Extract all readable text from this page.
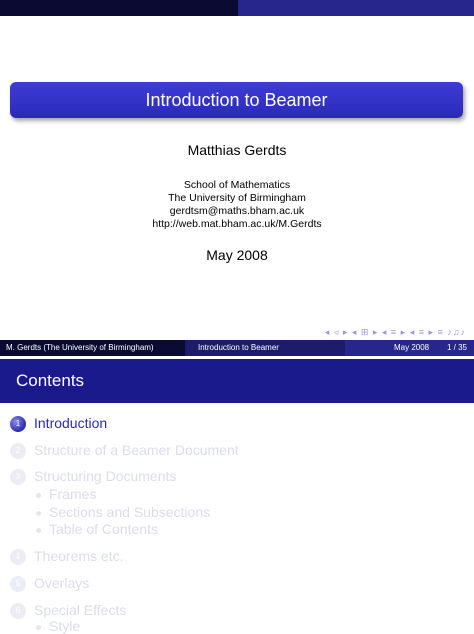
Introduction to Beamer
Matthias Gerdts
School of Mathematics
The University of Birmingham
gerdtsm@maths.bham.ac.uk
http://web.mat.bham.ac.uk/M.Gerdts
May 2008
◂ ◃ ▸ ◂ ⊞ ▸ ◂ ≡ ▸ ◂ ≡ ▸ ≡ ♪♫♪
M. Gerdts (The University of Birmingham)	Introduction to Beamer	May 2008 1 / 35
Contents
1 Introduction
2 Structure of a Beamer Document
3 Structuring Documents
Frames
Sections and Subsections
Table of Contents
4 Theorems etc.
5 Overlays
6 Special Effects
Style
